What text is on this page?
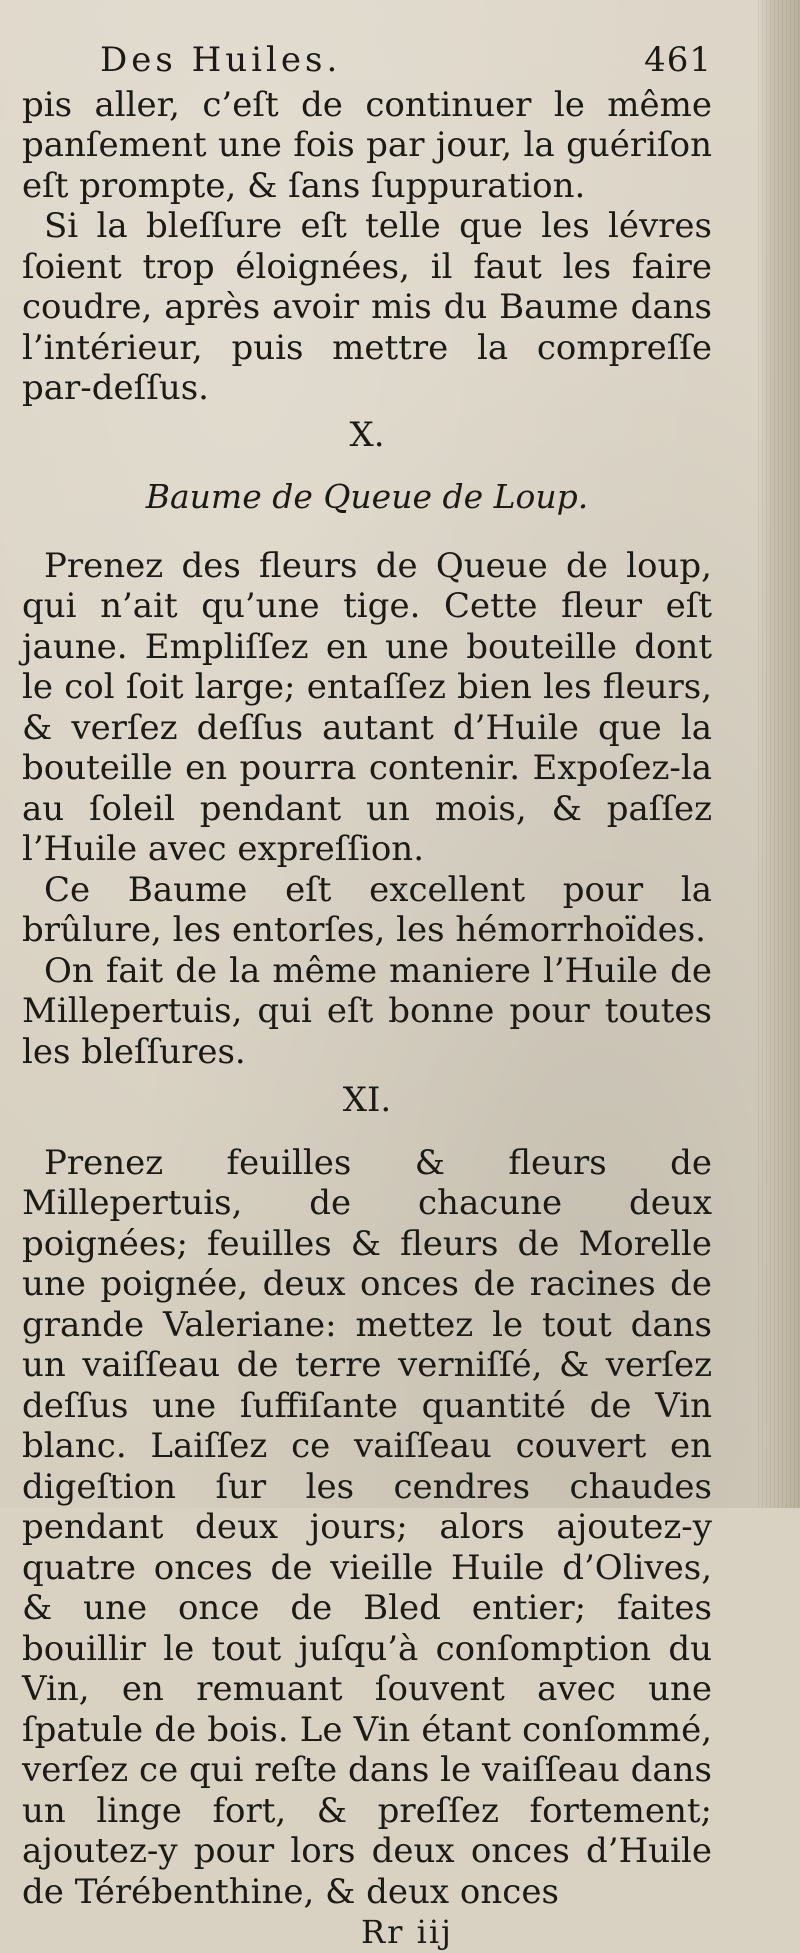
Des Huiles.	461

pis aller, c’eſt de continuer le même panſement une fois par jour, la guériſon eſt prompte, & ſans ſuppuration.

Si la bleſſure eſt telle que les lévres ſoient trop éloignées, il faut les faire coudre, après avoir mis du Baume dans l’intérieur, puis mettre la compreſſe par-deſſus.

X.
Baume de Queue de Loup.

Prenez des fleurs de Queue de loup, qui n’ait qu’une tige. Cette fleur eſt jaune. Empliſſez en une bouteille dont le col ſoit large; entaſſez bien les fleurs, & verſez deſſus autant d’Huile que la bouteille en pourra contenir. Expoſez-la au ſoleil pendant un mois, & paſſez l’Huile avec expreſſion.

Ce Baume eſt excellent pour la brûlure, les entorſes, les hémorrhoïdes.

On fait de la même maniere l’Huile de Millepertuis, qui eſt bonne pour toutes les bleſſures.

XI.

Prenez feuilles & fleurs de Millepertuis, de chacune deux poignées; feuilles & fleurs de Morelle une poignée, deux onces de racines de grande Valeriane: mettez le tout dans un vaiſſeau de terre verniſſé, & verſez deſſus une ſuffiſante quantité de Vin blanc. Laiſſez ce vaiſſeau couvert en digeſtion ſur les cendres chaudes pendant deux jours; alors ajoutez-y quatre onces de vieille Huile d’Olives, & une once de Bled entier; faites bouillir le tout juſqu’à conſomption du Vin, en remuant ſouvent avec une ſpatule de bois. Le Vin étant conſommé, verſez ce qui reſte dans le vaiſſeau dans un linge fort, & preſſez fortement; ajoutez-y pour lors deux onces d’Huile de Térébenthine, & deux onces

Rr iij
